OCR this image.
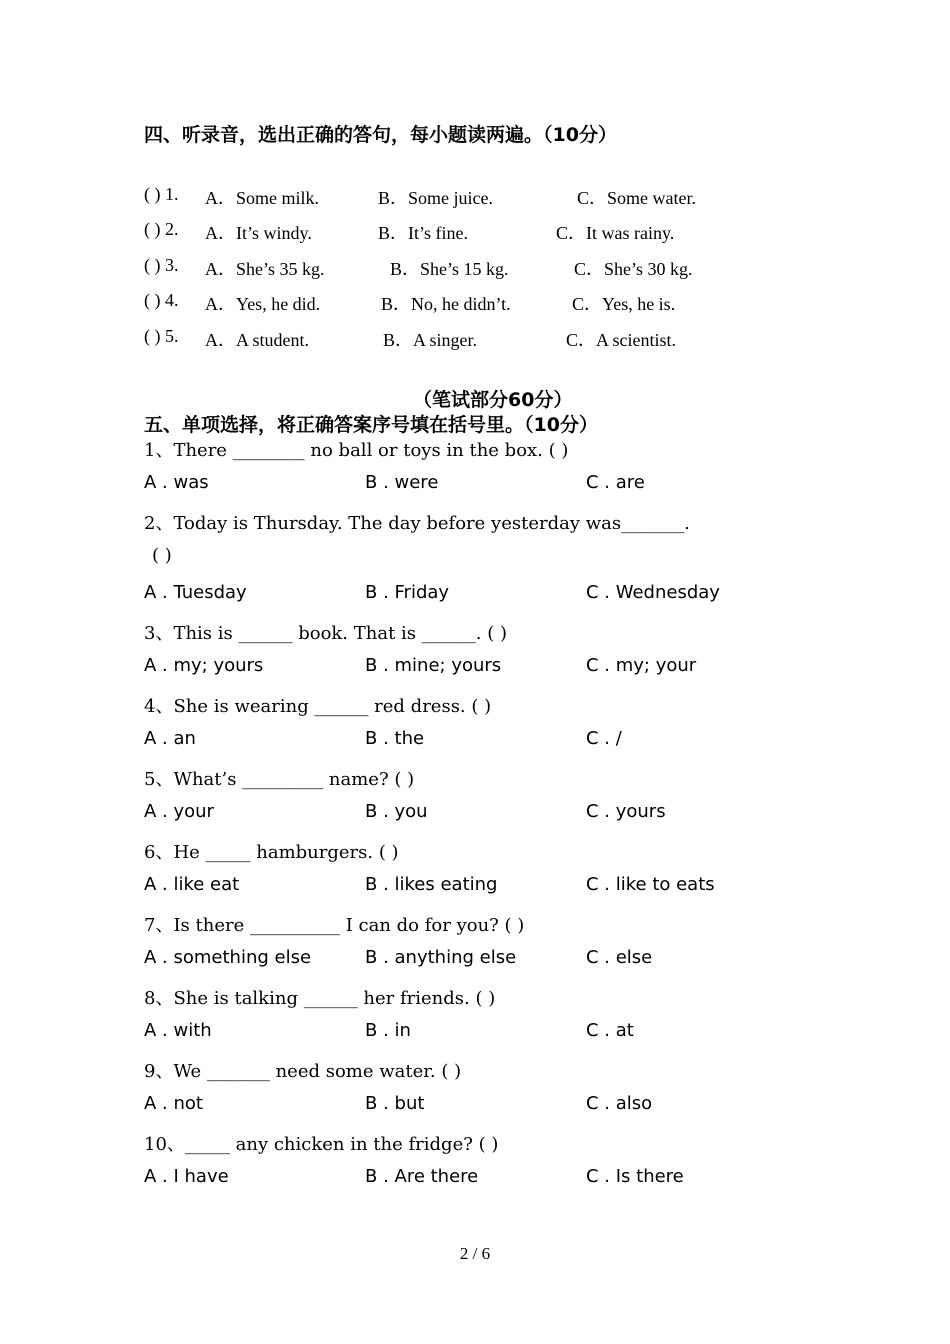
四、听录音，选出正确的答句，每小题读两遍。（10分）
( ) 1. A．Some milk.	B．Some juice.	C．Some water.
( ) 2. A．It’s windy.	B．It’s fine.	C．It was rainy.
( ) 3. A．She’s 35 kg.	B．She’s 15 kg.	C．She’s 30 kg.
( ) 4. A．Yes, he did.	B．No, he didn’t.	C．Yes, he is.
( ) 5. A．A student.	B．A singer.	C．A scientist.
（笔试部分60分）
五、单项选择，将正确答案序号填在括号里。（10分）
1、There ________ no ball or toys in the box. ( )
A . was	B . were	C . are
2、Today is Thursday. The day before yesterday was_______.
( )
A . Tuesday	B . Friday	C . Wednesday
3、This is ______ book. That is ______. ( )
A . my; yours	B . mine; yours	C . my; your
4、She is wearing ______ red dress. ( )
A . an	B . the	C . /
5、What’s _________ name? ( )
A . your	B . you	C . yours
6、He _____ hamburgers. ( )
A . like eat	B . likes eating	C . like to eats
7、Is there __________ I can do for you? ( )
A . something else	B . anything else	C . else
8、She is talking ______ her friends. ( )
A . with	B . in	C . at
9、We _______ need some water. ( )
A . not	B . but	C . also
10、_____ any chicken in the fridge? ( )
A . I have	B . Are there	C . Is there
2 / 6
